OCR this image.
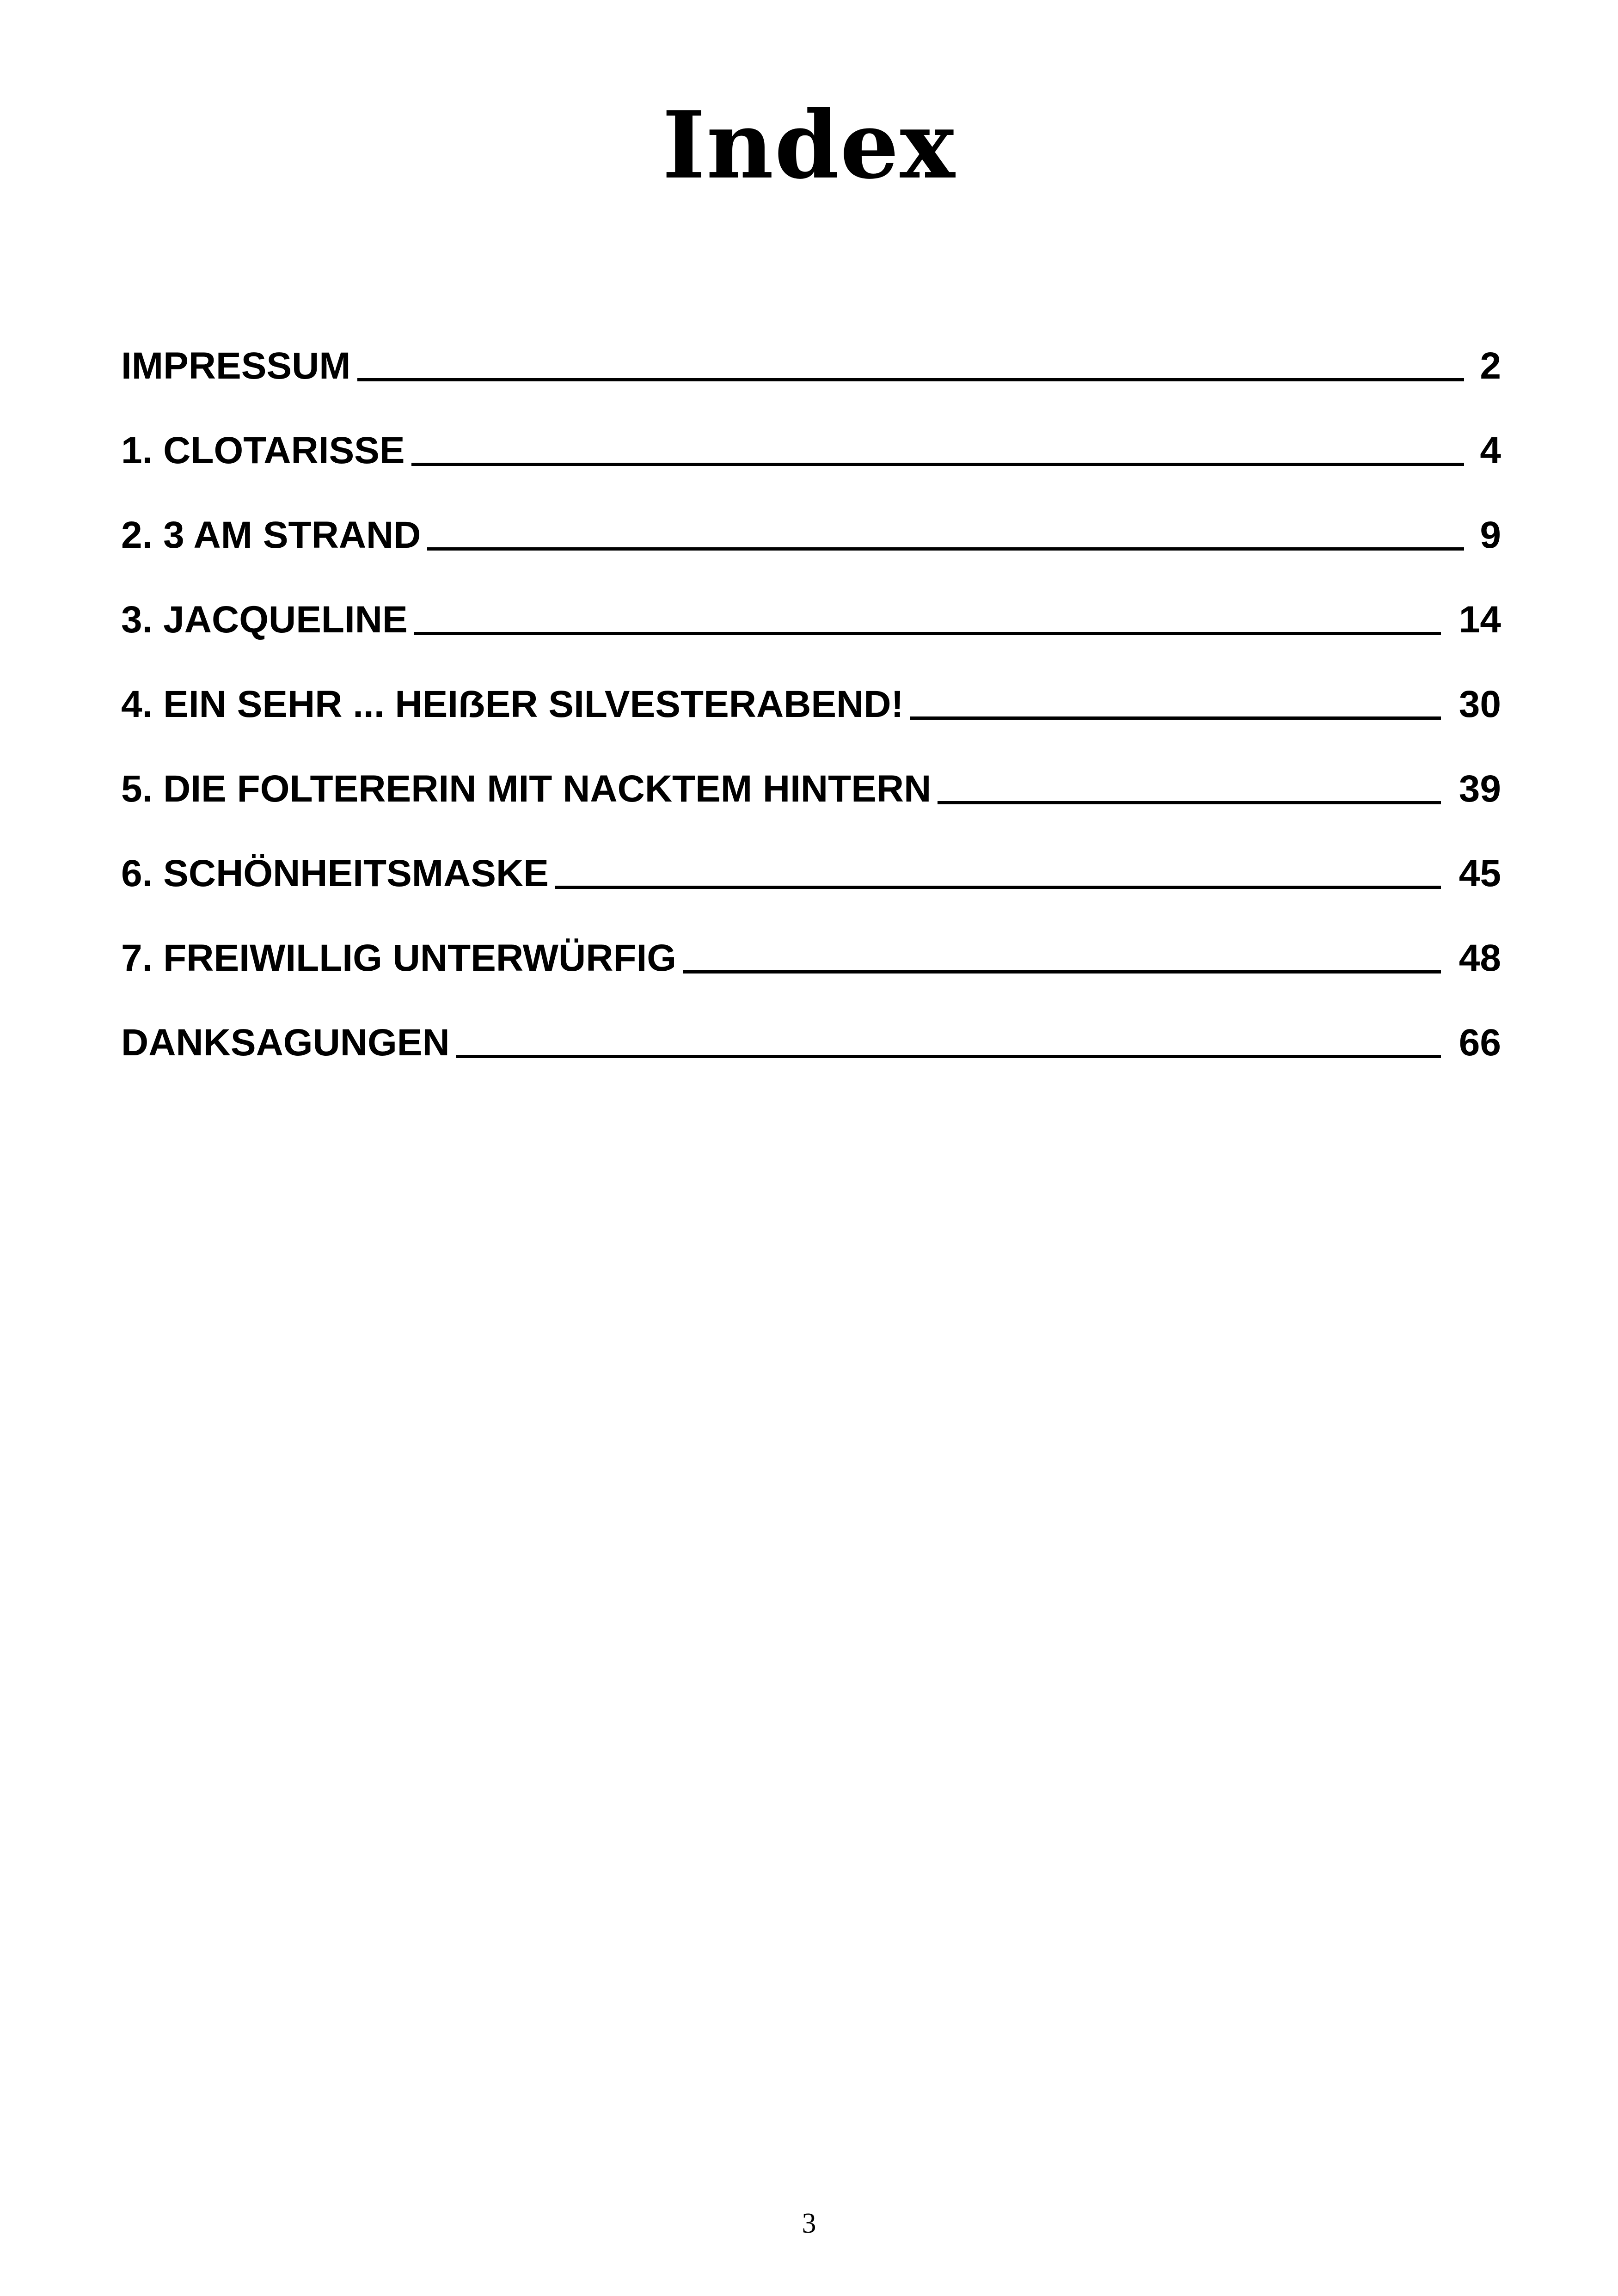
Index
IMPRESSUM	2
1. CLOTARISSE	4
2. 3 AM STRAND	9
3. JACQUELINE	14
4. EIN SEHR ... HEIẞER SILVESTERABEND!	30
5. DIE FOLTERERIN MIT NACKTEM HINTERN	39
6. SCHÖNHEITSMASKE	45
7. FREIWILLIG UNTERWÜRFIG	48
DANKSAGUNGEN	66
3
